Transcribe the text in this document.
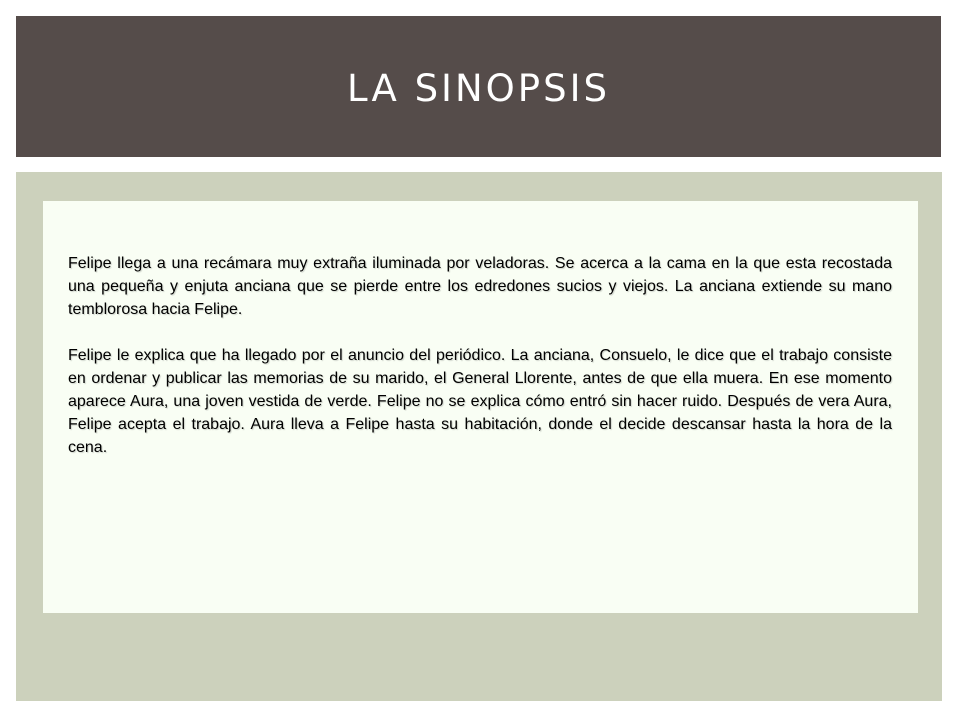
LA SINOPSIS

Felipe llega a una recámara muy extraña iluminada por veladoras. Se acerca a la cama en la que esta recostada una pequeña y enjuta anciana que se pierde entre los edredones sucios y viejos. La anciana extiende su mano temblorosa hacia Felipe.

Felipe le explica que ha llegado por el anuncio del periódico. La anciana, Consuelo, le dice que el trabajo consiste en ordenar y publicar las memorias de su marido, el General Llorente, antes de que ella muera. En ese momento aparece Aura, una joven vestida de verde. Felipe no se explica cómo entró sin hacer ruido. Después de vera Aura, Felipe acepta el trabajo. Aura lleva a Felipe hasta su habitación, donde el decide descansar hasta la hora de la cena.
